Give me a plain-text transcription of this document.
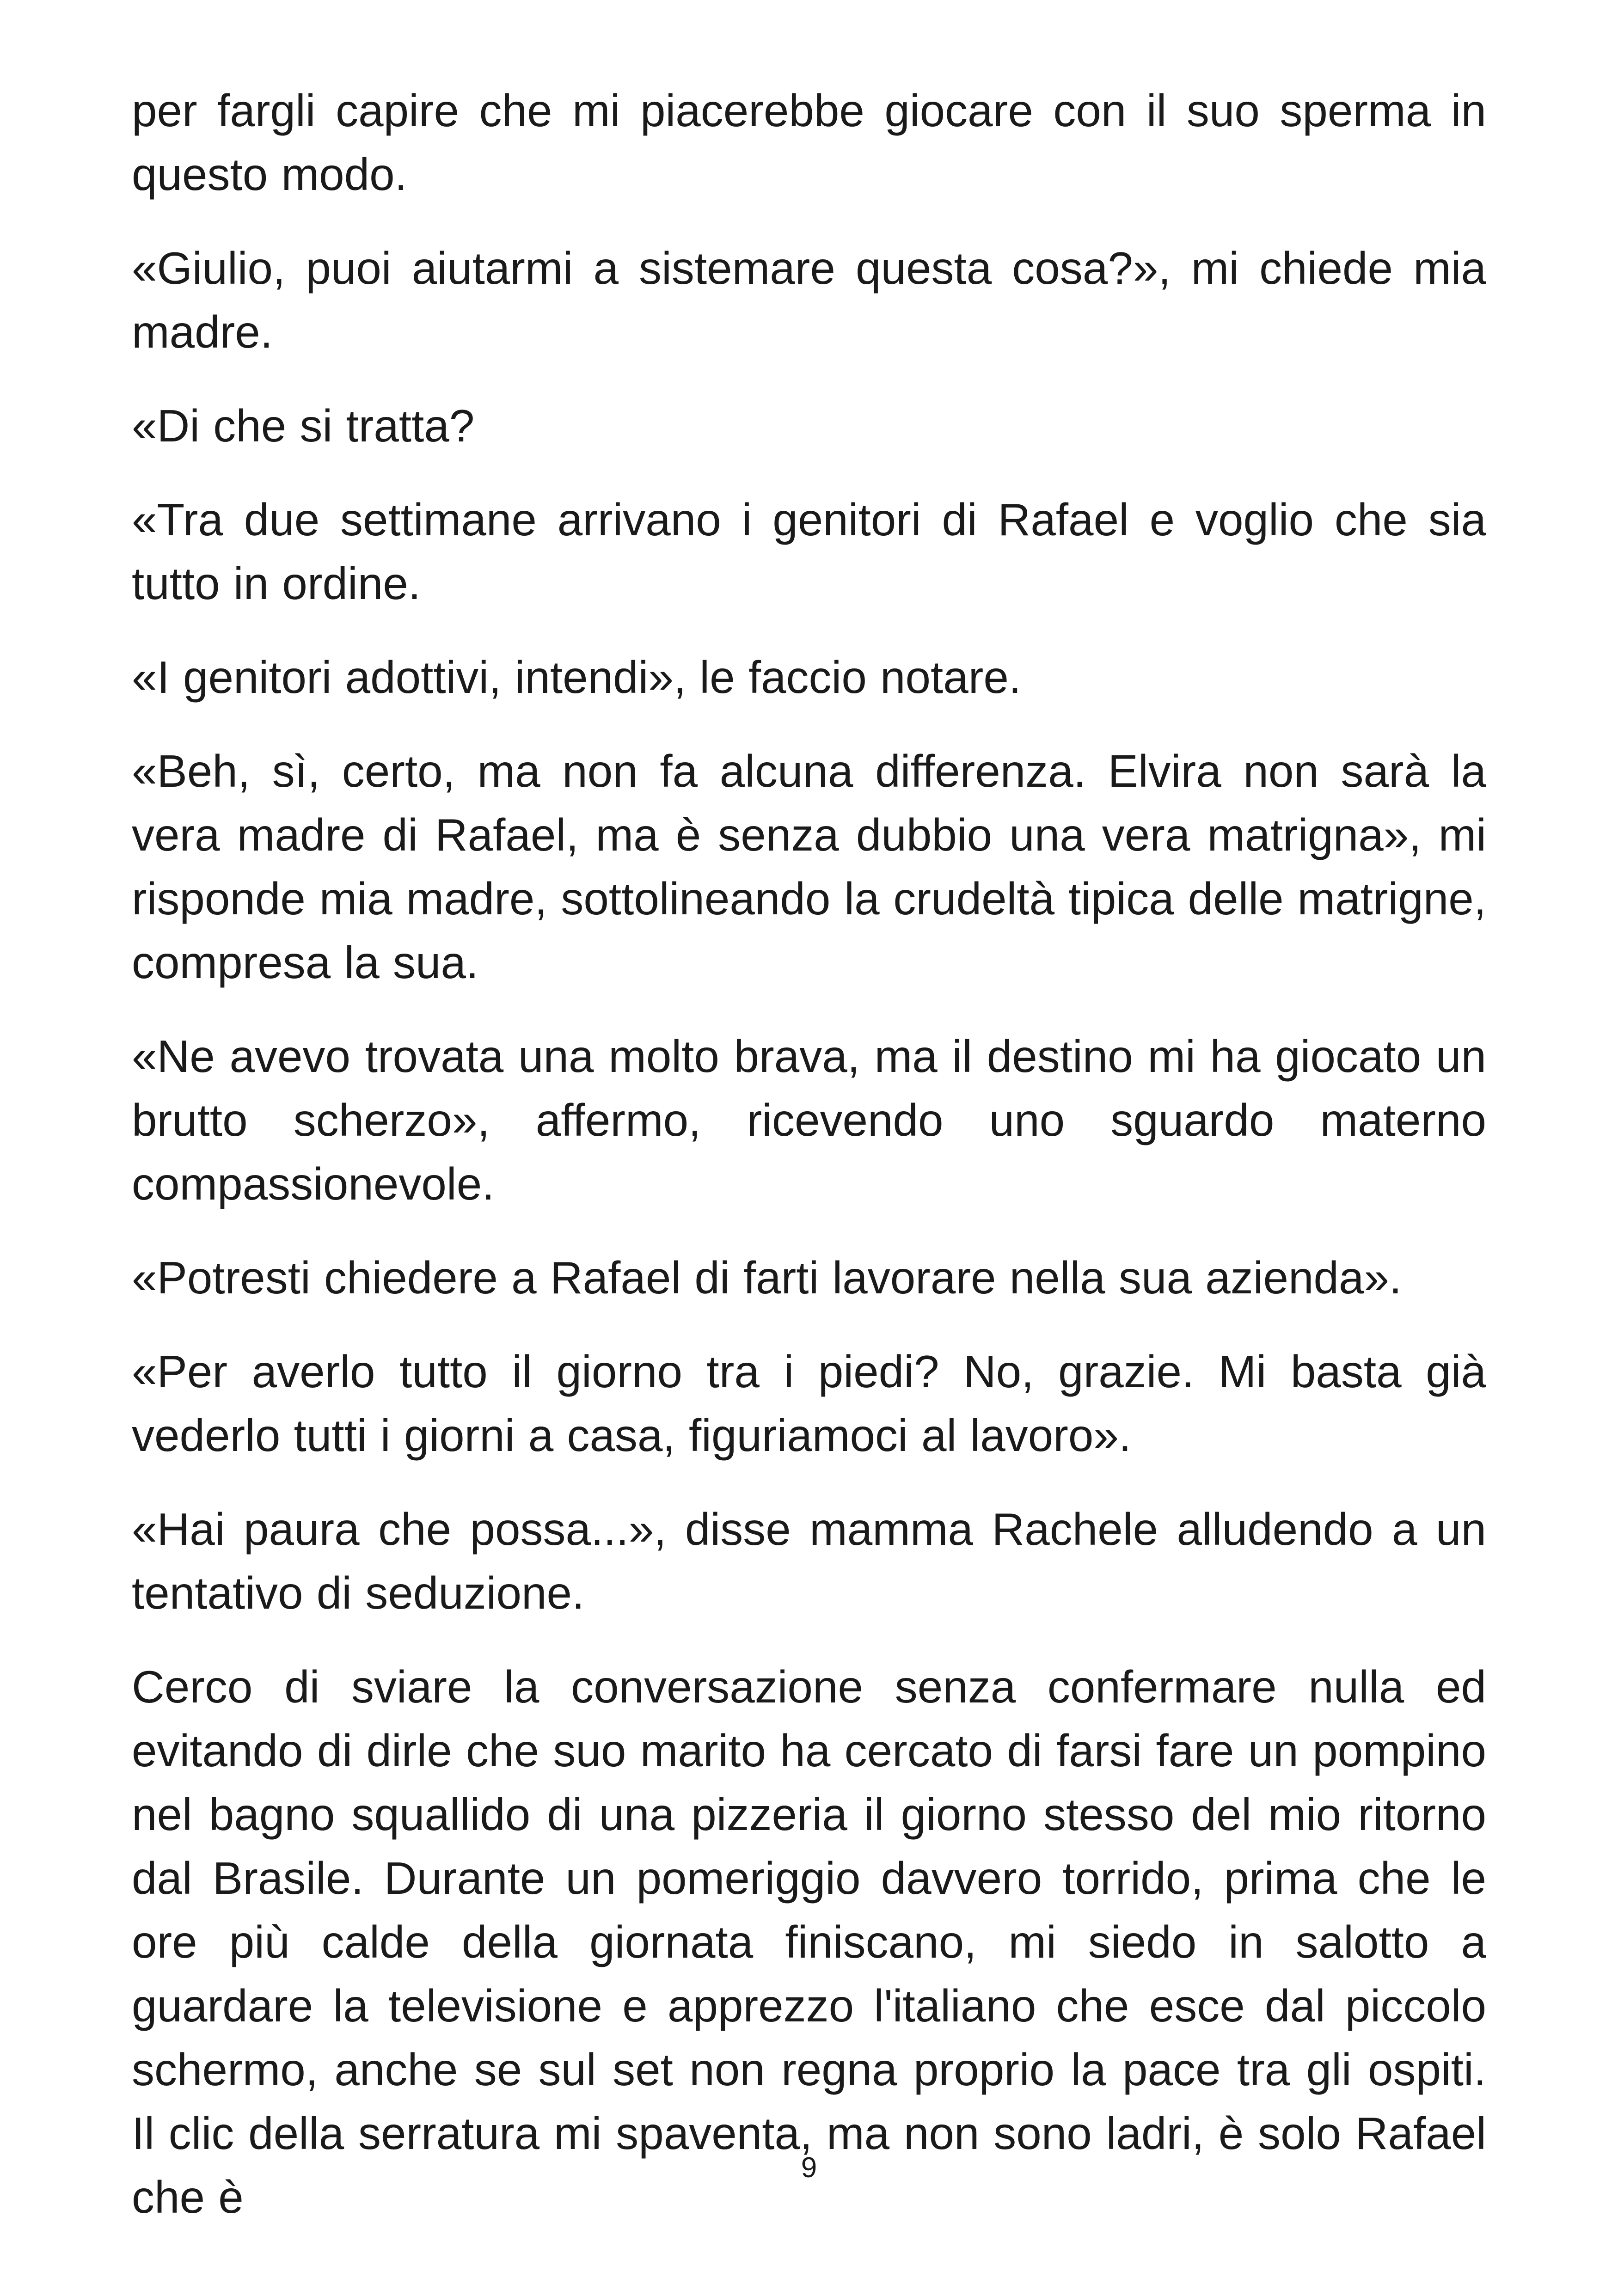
per fargli capire che mi piacerebbe giocare con il suo sperma in questo modo.

«Giulio, puoi aiutarmi a sistemare questa cosa?», mi chiede mia madre.

«Di che si tratta?

«Tra due settimane arrivano i genitori di Rafael e voglio che sia tutto in ordine.

«I genitori adottivi, intendi», le faccio notare.

«Beh, sì, certo, ma non fa alcuna differenza. Elvira non sarà la vera madre di Rafael, ma è senza dubbio una vera matrigna», mi risponde mia madre, sottolineando la crudeltà tipica delle matrigne, compresa la sua.

«Ne avevo trovata una molto brava, ma il destino mi ha giocato un brutto scherzo», affermo, ricevendo uno sguardo materno compassionevole.

«Potresti chiedere a Rafael di farti lavorare nella sua azienda».

«Per averlo tutto il giorno tra i piedi? No, grazie. Mi basta già vederlo tutti i giorni a casa, figuriamoci al lavoro».

«Hai paura che possa...», disse mamma Rachele alludendo a un tentativo di seduzione.

Cerco di sviare la conversazione senza confermare nulla ed evitando di dirle che suo marito ha cercato di farsi fare un pompino nel bagno squallido di una pizzeria il giorno stesso del mio ritorno dal Brasile. Durante un pomeriggio davvero torrido, prima che le ore più calde della giornata finiscano, mi siedo in salotto a guardare la televisione e apprezzo l'italiano che esce dal piccolo schermo, anche se sul set non regna proprio la pace tra gli ospiti. Il clic della serratura mi spaventa, ma non sono ladri, è solo Rafael che è

9
